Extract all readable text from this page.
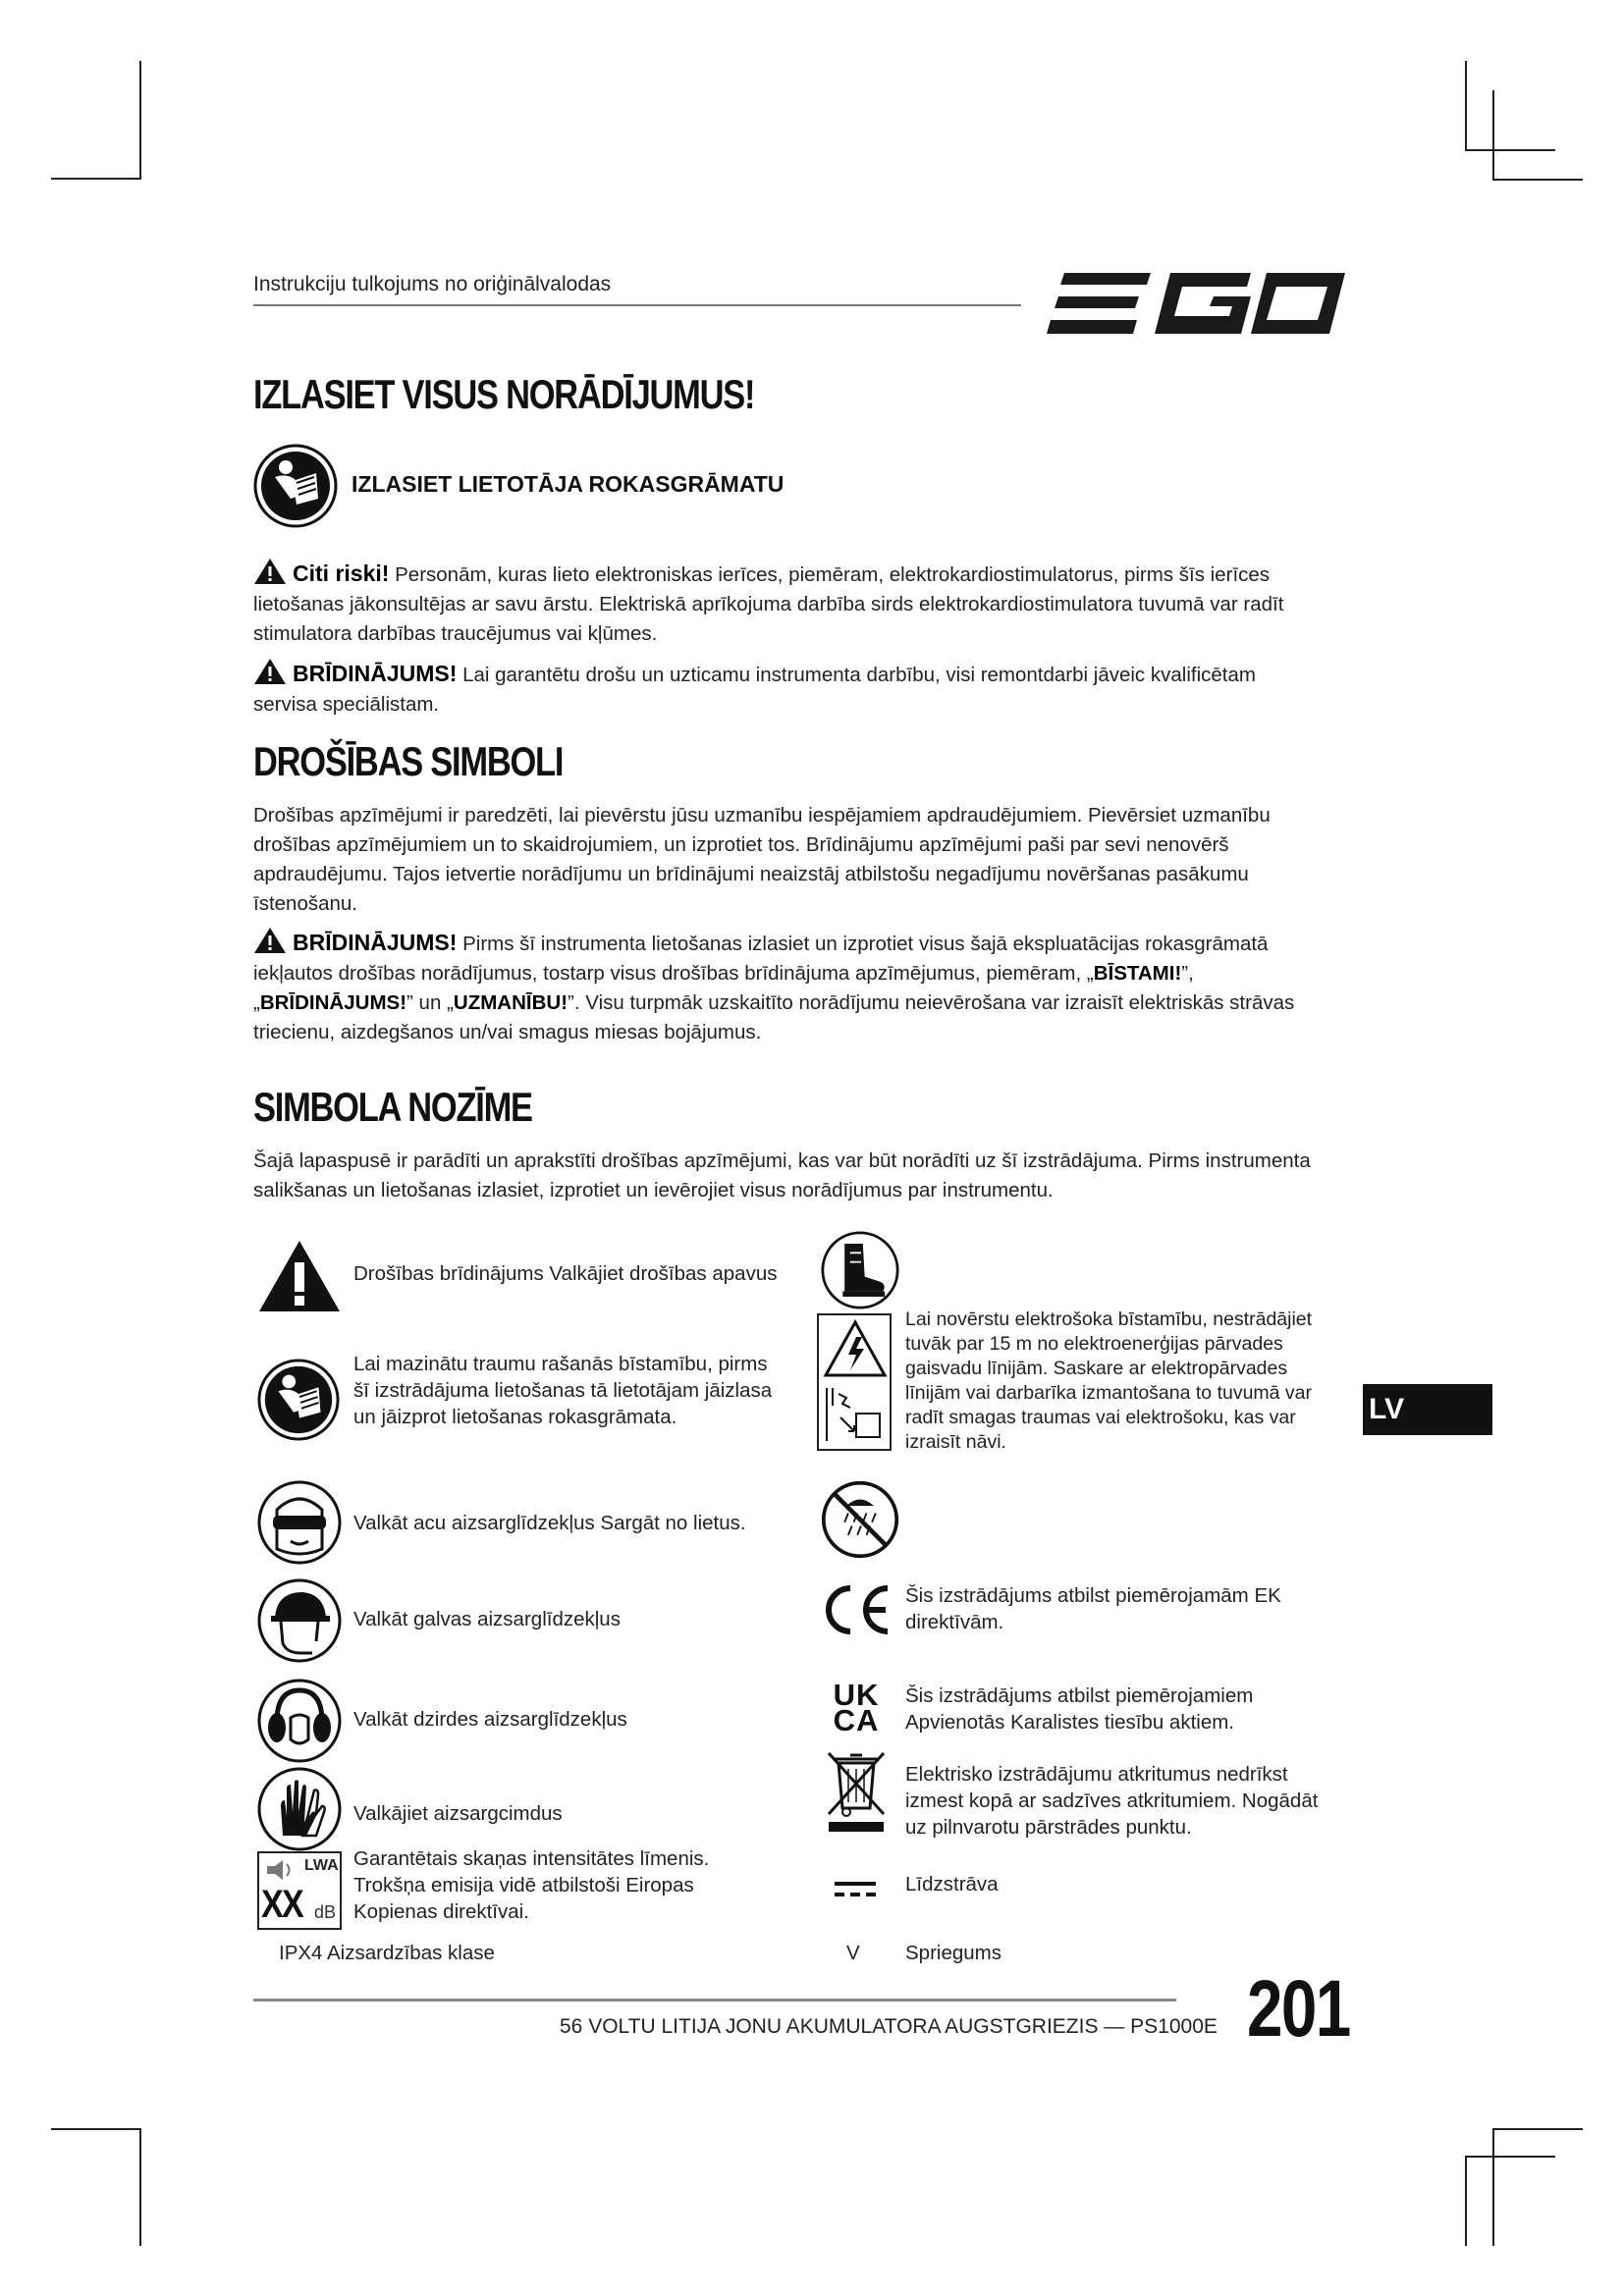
Instrukciju tulkojums no oriģinālvalodas
IZLASIET VISUS NORĀDĪJUMUS!
IZLASIET LIETOTĀJA ROKASGRĀMATU
Citi riski! Personām, kuras lieto elektroniskas ierīces, piemēram, elektrokardiostimulatorus, pirms šīs ierīces lietošanas jākonsultējas ar savu ārstu. Elektriskā aprīkojuma darbība sirds elektrokardiostimulatora tuvumā var radīt stimulatora darbības traucējumus vai kļūmes.
BRĪDINĀJUMS! Lai garantētu drošu un uzticamu instrumenta darbību, visi remontdarbi jāveic kvalificētam servisa speciālistam.
DROŠĪBAS SIMBOLI
Drošības apzīmējumi ir paredzēti, lai pievērstu jūsu uzmanību iespējamiem apdraudējumiem. Pievērsiet uzmanību drošības apzīmējumiem un to skaidrojumiem, un izprotiet tos. Brīdinājumu apzīmējumi paši par sevi nenovērš apdraudējumu. Tajos ietvertie norādījumu un brīdinājumi neaizstāj atbilstošu negadījumu novēršanas pasākumu īstenošanu.
BRĪDINĀJUMS! Pirms šī instrumenta lietošanas izlasiet un izprotiet visus šajā ekspluatācijas rokasgrāmatā iekļautos drošības norādījumus, tostarp visus drošības brīdinājuma apzīmējumus, piemēram, „BĪSTAMI!”, „BRĪDINĀJUMS!” un „UZMANĪBU!”. Visu turpmāk uzskaitīto norādījumu neievērošana var izraisīt elektriskās strāvas triecienu, aizdegšanos un/vai smagus miesas bojājumus.
SIMBOLA NOZĪME
Šajā lapaspusē ir parādīti un aprakstīti drošības apzīmējumi, kas var būt norādīti uz šī izstrādājuma. Pirms instrumenta salikšanas un lietošanas izlasiet, izprotiet un ievērojiet visus norādījumus par instrumentu.
Drošības brīdinājums Valkājiet drošības apavus
Lai mazinātu traumu rašanās bīstamību, pirms šī izstrādājuma lietošanas tā lietotājam jāizlasa un jāizprot lietošanas rokasgrāmata.
Valkāt acu aizsarglīdzekļus Sargāt no lietus.
Valkāt galvas aizsarglīdzekļus
Valkāt dzirdes aizsarglīdzekļus
Valkājiet aizsargcimdus
LWA
XX dB
Garantētais skaņas intensitātes līmenis. Trokšņa emisija vidē atbilstoši Eiropas Kopienas direktīvai.
IPX4 Aizsardzības klase
Lai novērstu elektrošoka bīstamību, nestrādājiet tuvāk par 15 m no elektroenerģijas pārvades gaisvadu līnijām. Saskare ar elektropārvades līnijām vai darbarīka izmantošana to tuvumā var radīt smagas traumas vai elektrošoku, kas var izraisīt nāvi.
Šis izstrādājums atbilst piemērojamām EK direktīvām.
UK
CA
Šis izstrādājums atbilst piemērojamiem Apvienotās Karalistes tiesību aktiem.
Elektrisko izstrādājumu atkritumus nedrīkst izmest kopā ar sadzīves atkritumiem. Nogādāt uz pilnvarotu pārstrādes punktu.
Līdzstrāva
V	Spriegums
LV
56 VOLTU LITIJA JONU AKUMULATORA AUGSTGRIEZIS — PS1000E 201
